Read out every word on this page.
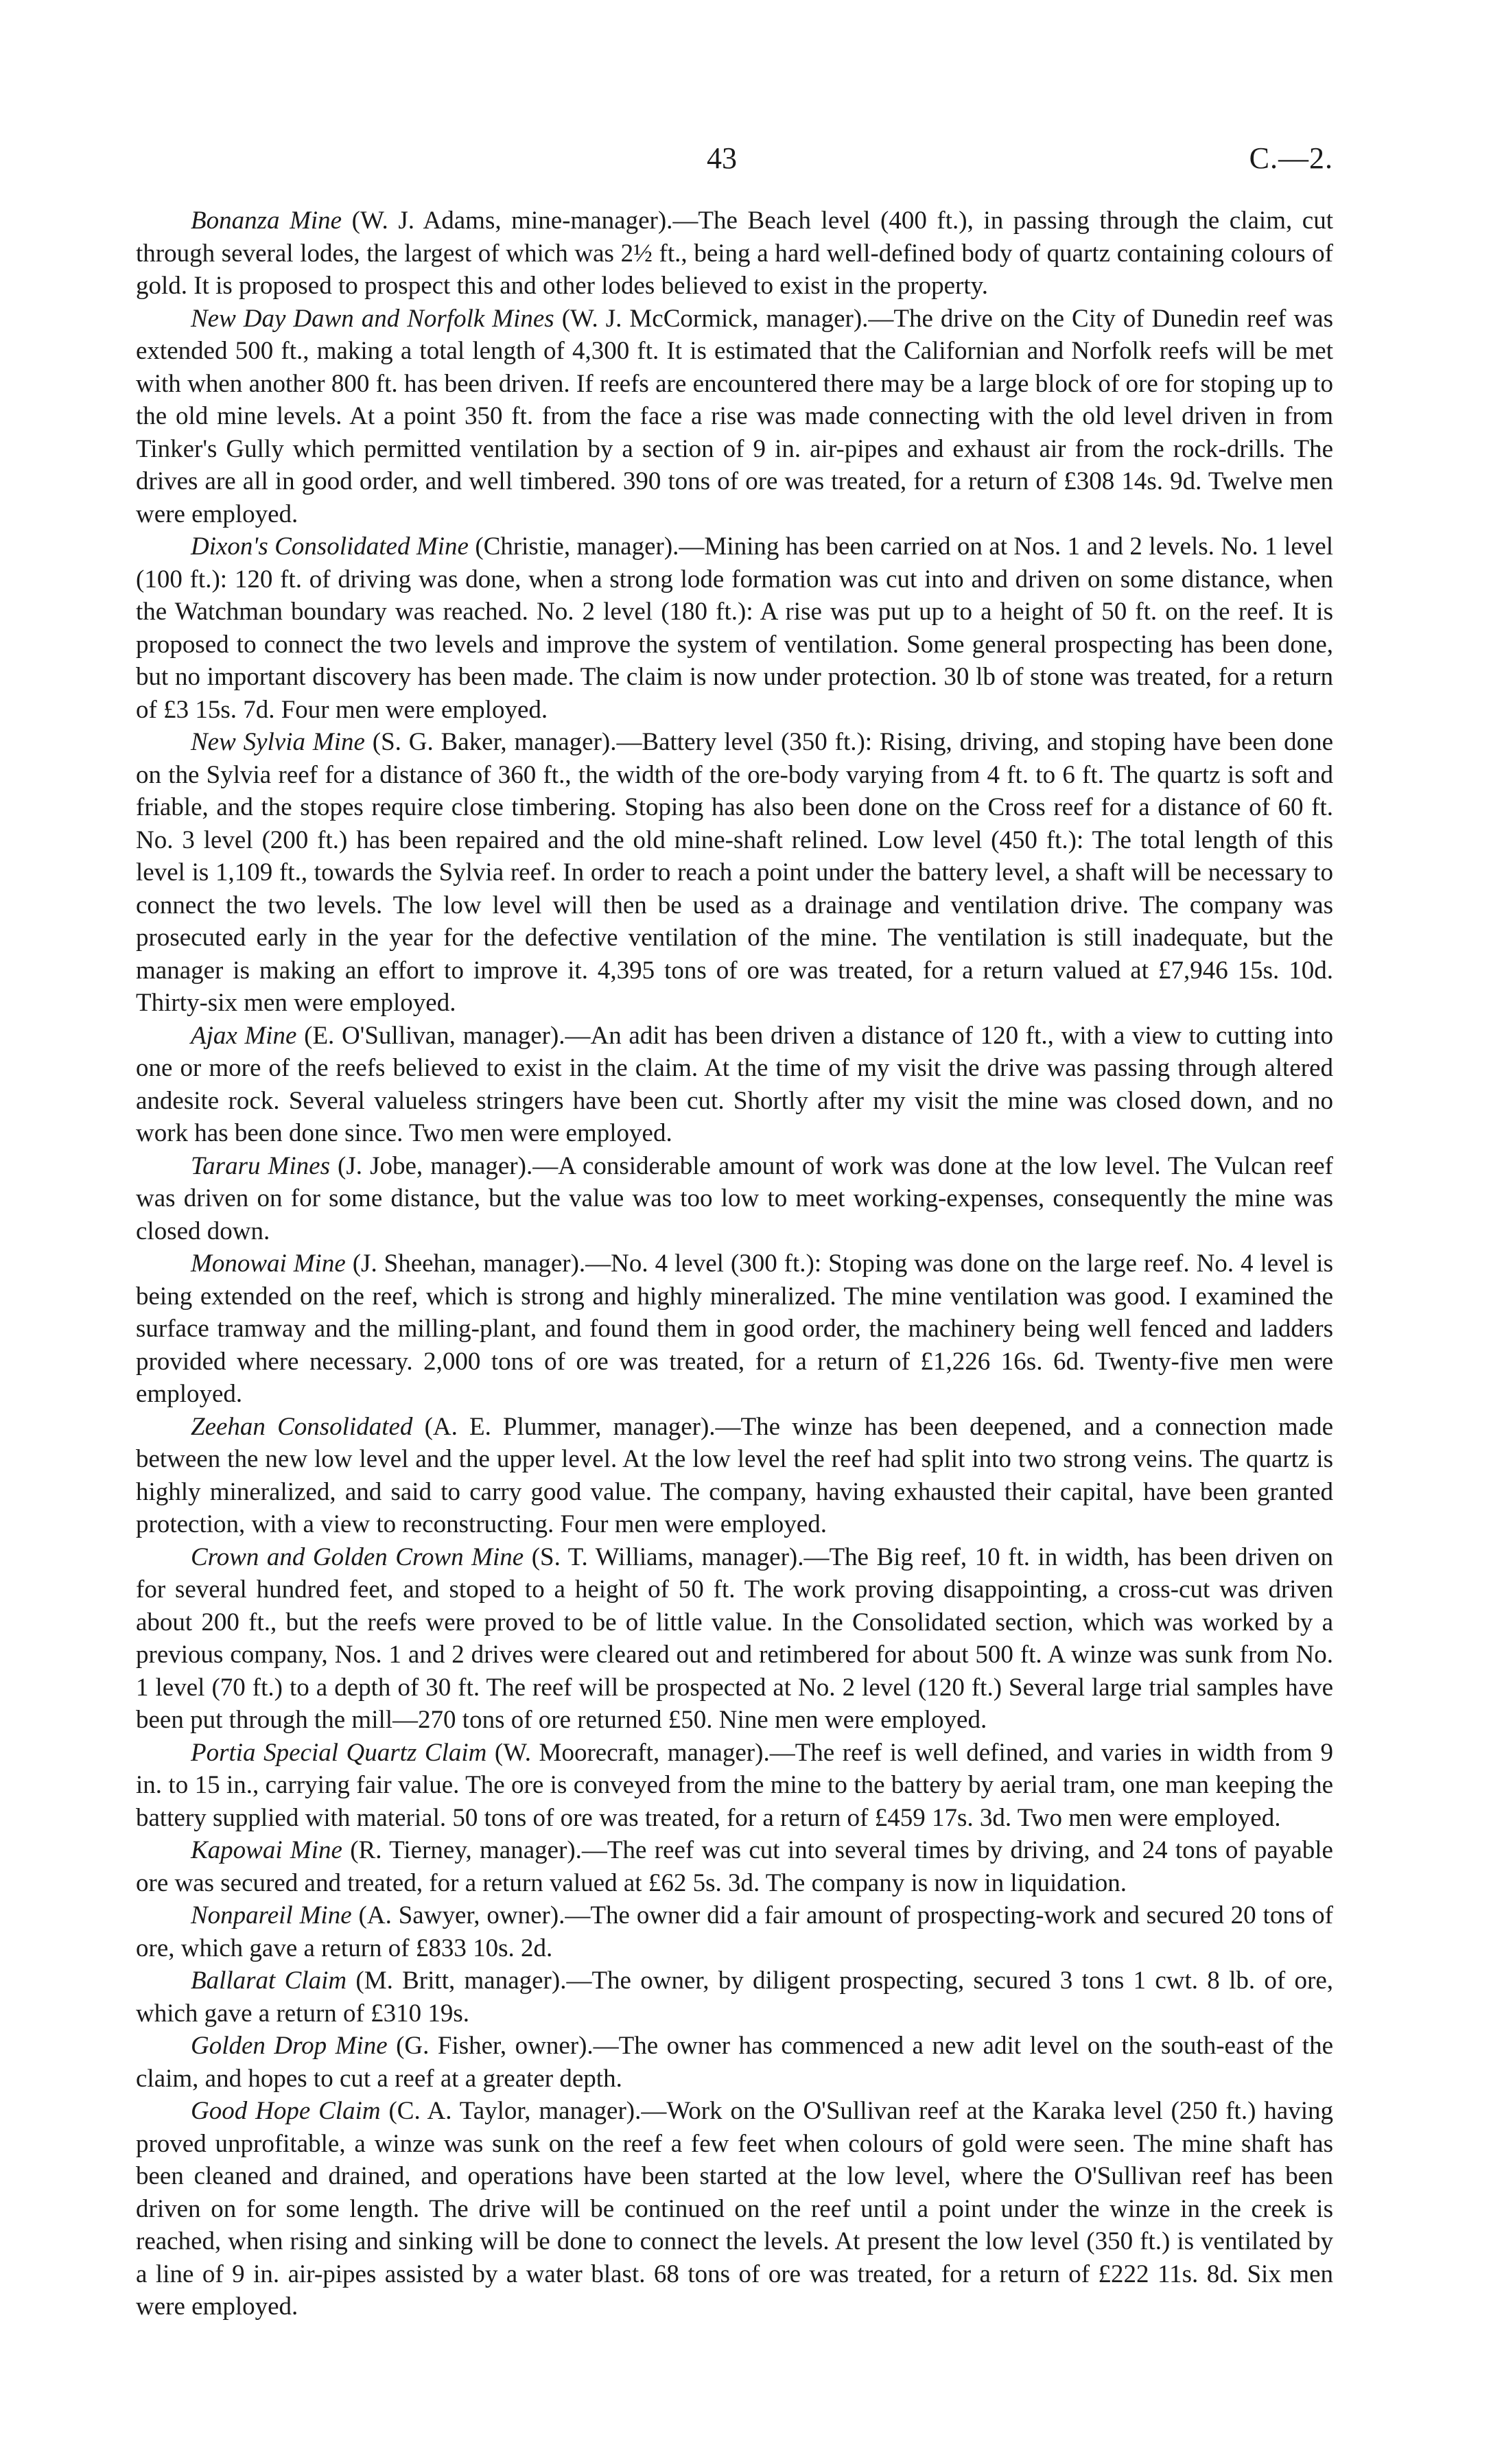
43	C.—2.

Bonanza Mine (W. J. Adams, mine-manager).—The Beach level (400 ft.), in passing through the claim, cut through several lodes, the largest of which was 2½ ft., being a hard well-defined body of quartz containing colours of gold. It is proposed to prospect this and other lodes believed to exist in the property.

New Day Dawn and Norfolk Mines (W. J. McCormick, manager).—The drive on the City of Dunedin reef was extended 500 ft., making a total length of 4,300 ft. It is estimated that the Californian and Norfolk reefs will be met with when another 800 ft. has been driven. If reefs are encountered there may be a large block of ore for stoping up to the old mine levels. At a point 350 ft. from the face a rise was made connecting with the old level driven in from Tinker's Gully which permitted ventilation by a section of 9 in. air-pipes and exhaust air from the rock-drills. The drives are all in good order, and well timbered. 390 tons of ore was treated, for a return of £308 14s. 9d. Twelve men were employed.

Dixon's Consolidated Mine (Christie, manager).—Mining has been carried on at Nos. 1 and 2 levels. No. 1 level (100 ft.): 120 ft. of driving was done, when a strong lode formation was cut into and driven on some distance, when the Watchman boundary was reached. No. 2 level (180 ft.): A rise was put up to a height of 50 ft. on the reef. It is proposed to connect the two levels and improve the system of ventilation. Some general prospecting has been done, but no important discovery has been made. The claim is now under protection. 30 lb of stone was treated, for a return of £3 15s. 7d. Four men were employed.

New Sylvia Mine (S. G. Baker, manager).—Battery level (350 ft.): Rising, driving, and stoping have been done on the Sylvia reef for a distance of 360 ft., the width of the ore-body varying from 4 ft. to 6 ft. The quartz is soft and friable, and the stopes require close timbering. Stoping has also been done on the Cross reef for a distance of 60 ft. No. 3 level (200 ft.) has been repaired and the old mine-shaft relined. Low level (450 ft.): The total length of this level is 1,109 ft., towards the Sylvia reef. In order to reach a point under the battery level, a shaft will be necessary to connect the two levels. The low level will then be used as a drainage and ventilation drive. The company was prosecuted early in the year for the defective ventilation of the mine. The ventilation is still inadequate, but the manager is making an effort to improve it. 4,395 tons of ore was treated, for a return valued at £7,946 15s. 10d. Thirty-six men were employed.

Ajax Mine (E. O'Sullivan, manager).—An adit has been driven a distance of 120 ft., with a view to cutting into one or more of the reefs believed to exist in the claim. At the time of my visit the drive was passing through altered andesite rock. Several valueless stringers have been cut. Shortly after my visit the mine was closed down, and no work has been done since. Two men were employed.

Tararu Mines (J. Jobe, manager).—A considerable amount of work was done at the low level. The Vulcan reef was driven on for some distance, but the value was too low to meet working-expenses, consequently the mine was closed down.

Monowai Mine (J. Sheehan, manager).—No. 4 level (300 ft.): Stoping was done on the large reef. No. 4 level is being extended on the reef, which is strong and highly mineralized. The mine ventilation was good. I examined the surface tramway and the milling-plant, and found them in good order, the machinery being well fenced and ladders provided where necessary. 2,000 tons of ore was treated, for a return of £1,226 16s. 6d. Twenty-five men were employed.

Zeehan Consolidated (A. E. Plummer, manager).—The winze has been deepened, and a connection made between the new low level and the upper level. At the low level the reef had split into two strong veins. The quartz is highly mineralized, and said to carry good value. The company, having exhausted their capital, have been granted protection, with a view to reconstructing. Four men were employed.

Crown and Golden Crown Mine (S. T. Williams, manager).—The Big reef, 10 ft. in width, has been driven on for several hundred feet, and stoped to a height of 50 ft. The work proving disappointing, a cross-cut was driven about 200 ft., but the reefs were proved to be of little value. In the Consolidated section, which was worked by a previous company, Nos. 1 and 2 drives were cleared out and retimbered for about 500 ft. A winze was sunk from No. 1 level (70 ft.) to a depth of 30 ft. The reef will be prospected at No. 2 level (120 ft.) Several large trial samples have been put through the mill—270 tons of ore returned £50. Nine men were employed.

Portia Special Quartz Claim (W. Moorecraft, manager).—The reef is well defined, and varies in width from 9 in. to 15 in., carrying fair value. The ore is conveyed from the mine to the battery by aerial tram, one man keeping the battery supplied with material. 50 tons of ore was treated, for a return of £459 17s. 3d. Two men were employed.

Kapowai Mine (R. Tierney, manager).—The reef was cut into several times by driving, and 24 tons of payable ore was secured and treated, for a return valued at £62 5s. 3d. The company is now in liquidation.

Nonpareil Mine (A. Sawyer, owner).—The owner did a fair amount of prospecting-work and secured 20 tons of ore, which gave a return of £833 10s. 2d.

Ballarat Claim (M. Britt, manager).—The owner, by diligent prospecting, secured 3 tons 1 cwt. 8 lb. of ore, which gave a return of £310 19s.

Golden Drop Mine (G. Fisher, owner).—The owner has commenced a new adit level on the south-east of the claim, and hopes to cut a reef at a greater depth.

Good Hope Claim (C. A. Taylor, manager).—Work on the O'Sullivan reef at the Karaka level (250 ft.) having proved unprofitable, a winze was sunk on the reef a few feet when colours of gold were seen. The mine shaft has been cleaned and drained, and operations have been started at the low level, where the O'Sullivan reef has been driven on for some length. The drive will be continued on the reef until a point under the winze in the creek is reached, when rising and sinking will be done to connect the levels. At present the low level (350 ft.) is ventilated by a line of 9 in. air-pipes assisted by a water blast. 68 tons of ore was treated, for a return of £222 11s. 8d. Six men were employed.
